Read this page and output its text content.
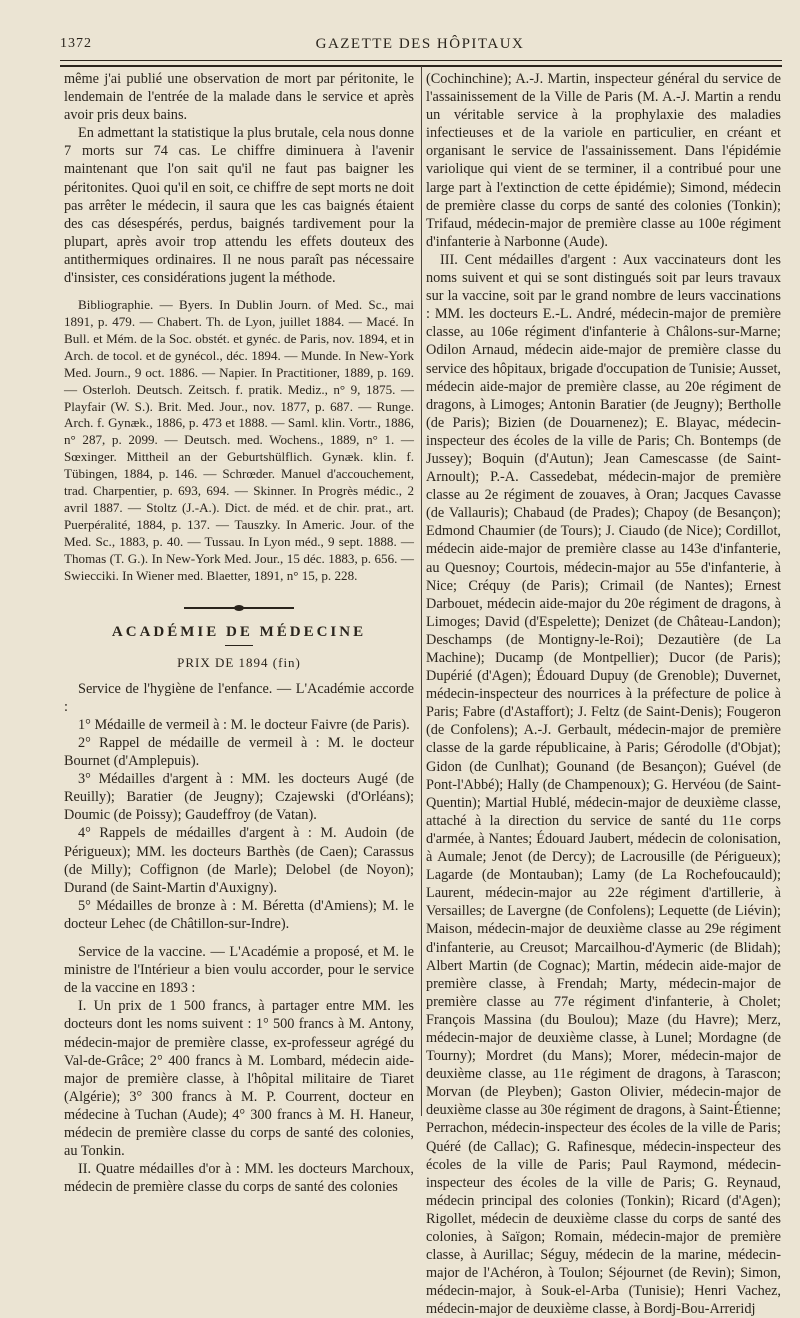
1372	GAZETTE DES HÔPITAUX

même j'ai publié une observation de mort par péritonite, le lendemain de l'entrée de la malade dans le service et après avoir pris deux bains.

En admettant la statistique la plus brutale, cela nous donne 7 morts sur 74 cas. Le chiffre diminuera à l'avenir maintenant que l'on sait qu'il ne faut pas baigner les péritonites. Quoi qu'il en soit, ce chiffre de sept morts ne doit pas arrêter le médecin, il saura que les cas baignés étaient des cas désespérés, perdus, baignés tardivement pour la plupart, après avoir trop attendu les effets douteux des antithermiques ordinaires. Il ne nous paraît pas nécessaire d'insister, ces considérations jugent la méthode.

Bibliographie. — Byers. In Dublin Journ. of Med. Sc., mai 1891, p. 479. — Chabert. Th. de Lyon, juillet 1884. — Macé. In Bull. et Mém. de la Soc. obstét. et gynéc. de Paris, nov. 1894, et in Arch. de tocol. et de gynécol., déc. 1894. — Munde. In New-York Med. Journ., 9 oct. 1886. — Napier. In Practitioner, 1889, p. 169. — Osterloh. Deutsch. Zeitsch. f. pratik. Mediz., n° 9, 1875. — Playfair (W. S.). Brit. Med. Jour., nov. 1877, p. 687. — Runge. Arch. f. Gynæk., 1886, p. 473 et 1888. — Saml. klin. Vortr., 1886, n° 287, p. 2099. — Deutsch. med. Wochens., 1889, n° 1. — Sœxinger. Mittheil an der Geburtshülflich. Gynæk. klin. f. Tübingen, 1884, p. 146. — Schrœder. Manuel d'accouchement, trad. Charpentier, p. 693, 694. — Skinner. In Progrès médic., 2 avril 1887. — Stoltz (J.-A.). Dict. de méd. et de chir. prat., art. Puerpéralité, 1884, p. 137. — Tauszky. In Americ. Jour. of the Med. Sc., 1883, p. 40. — Tussau. In Lyon méd., 9 sept. 1888. — Thomas (T. G.). In New-York Med. Jour., 15 déc. 1883, p. 656. — Swiecciki. In Wiener med. Blaetter, 1891, n° 15, p. 228.

ACADÉMIE DE MÉDECINE
PRIX DE 1894 (fin)

Service de l'hygiène de l'enfance. — L'Académie accorde :

1° Médaille de vermeil à : M. le docteur Faivre (de Paris).

2° Rappel de médaille de vermeil à : M. le docteur Bournet (d'Amplepuis).

3° Médailles d'argent à : MM. les docteurs Augé (de Reuilly); Baratier (de Jeugny); Czajewski (d'Orléans); Doumic (de Poissy); Gaudeffroy (de Vatan).

4° Rappels de médailles d'argent à : M. Audoin (de Périgueux); MM. les docteurs Barthès (de Caen); Carassus (de Milly); Coffignon (de Marle); Delobel (de Noyon); Durand (de Saint-Martin d'Auxigny).

5° Médailles de bronze à : M. Béretta (d'Amiens); M. le docteur Lehec (de Châtillon-sur-Indre).

Service de la vaccine. — L'Académie a proposé, et M. le ministre de l'Intérieur a bien voulu accorder, pour le service de la vaccine en 1893 :

I. Un prix de 1 500 francs, à partager entre MM. les docteurs dont les noms suivent : 1° 500 francs à M. Antony, médecin-major de première classe, ex-professeur agrégé du Val-de-Grâce; 2° 400 francs à M. Lombard, médecin aide-major de première classe, à l'hôpital militaire de Tiaret (Algérie); 3° 300 francs à M. P. Courrent, docteur en médecine à Tuchan (Aude); 4° 300 francs à M. H. Haneur, médecin de première classe du corps de santé des colonies, au Tonkin.

II. Quatre médailles d'or à : MM. les docteurs Marchoux, médecin de première classe du corps de santé des colonies

(Cochinchine); A.-J. Martin, inspecteur général du service de l'assainissement de la Ville de Paris (M. A.-J. Martin a rendu un véritable service à la prophylaxie des maladies infectieuses et de la variole en particulier, en créant et organisant le service de l'assainissement. Dans l'épidémie variolique qui vient de se terminer, il a contribué pour une large part à l'extinction de cette épidémie); Simond, médecin de première classe du corps de santé des colonies (Tonkin); Trifaud, médecin-major de première classe au 100e régiment d'infanterie à Narbonne (Aude).

III. Cent médailles d'argent : Aux vaccinateurs dont les noms suivent et qui se sont distingués soit par leurs travaux sur la vaccine, soit par le grand nombre de leurs vaccinations : MM. les docteurs E.-L. André, médecin-major de première classe, au 106e régiment d'infanterie à Châlons-sur-Marne; Odilon Arnaud, médecin aide-major de première classe du service des hôpitaux, brigade d'occupation de Tunisie; Ausset, médecin aide-major de première classe, au 20e régiment de dragons, à Limoges; Antonin Baratier (de Jeugny); Bertholle (de Paris); Bizien (de Douarnenez); E. Blayac, médecin-inspecteur des écoles de la ville de Paris; Ch. Bontemps (de Jussey); Boquin (d'Autun); Jean Camescasse (de Saint-Arnoult); P.-A. Cassedebat, médecin-major de première classe au 2e régiment de zouaves, à Oran; Jacques Cavasse (de Vallauris); Chabaud (de Prades); Chapoy (de Besançon); Edmond Chaumier (de Tours); J. Ciaudo (de Nice); Cordillot, médecin aide-major de première classe au 143e d'infanterie, au Quesnoy; Courtois, médecin-major au 55e d'infanterie, à Nice; Créquy (de Paris); Crimail (de Nantes); Ernest Darbouet, médecin aide-major du 20e régiment de dragons, à Limoges; David (d'Espelette); Denizet (de Château-Landon); Deschamps (de Montigny-le-Roi); Dezautière (de La Machine); Ducamp (de Montpellier); Ducor (de Paris); Dupérié (d'Agen); Édouard Dupuy (de Grenoble); Duvernet, médecin-inspecteur des nourrices à la préfecture de police à Paris; Fabre (d'Astaffort); J. Feltz (de Saint-Denis); Fougeron (de Confolens); A.-J. Gerbault, médecin-major de première classe de la garde républicaine, à Paris; Gérodolle (d'Objat); Gidon (de Cunlhat); Gounand (de Besançon); Guével (de Pont-l'Abbé); Hally (de Champenoux); G. Hervéou (de Saint-Quentin); Martial Hublé, médecin-major de deuxième classe, attaché à la direction du service de santé du 11e corps d'armée, à Nantes; Édouard Jaubert, médecin de colonisation, à Aumale; Jenot (de Dercy); de Lacrousille (de Périgueux); Lagarde (de Montauban); Lamy (de La Rochefoucauld); Laurent, médecin-major au 22e régiment d'artillerie, à Versailles; de Lavergne (de Confolens); Lequette (de Liévin); Maison, médecin-major de deuxième classe au 29e régiment d'infanterie, au Creusot; Marcailhou-d'Aymeric (de Blidah); Albert Martin (de Cognac); Martin, médecin aide-major de première classe, à Frendah; Marty, médecin-major de première classe au 77e régiment d'infanterie, à Cholet; François Massina (du Boulou); Maze (du Havre); Merz, médecin-major de deuxième classe, à Lunel; Mordagne (de Tourny); Mordret (du Mans); Morer, médecin-major de deuxième classe, au 11e régiment de dragons, à Tarascon; Morvan (de Pleyben); Gaston Olivier, médecin-major de deuxième classe au 30e régiment de dragons, à Saint-Étienne; Perrachon, médecin-inspecteur des écoles de la ville de Paris; Quéré (de Callac); G. Rafinesque, médecin-inspecteur des écoles de la ville de Paris; Paul Raymond, médecin-inspecteur des écoles de la ville de Paris; G. Reynaud, médecin principal des colonies (Tonkin); Ricard (d'Agen); Rigollet, médecin de deuxième classe du corps de santé des colonies, à Saïgon; Romain, médecin-major de première classe, à Aurillac; Séguy, médecin de la marine, médecin-major de l'Achéron, à Toulon; Séjournet (de Revin); Simon, médecin-major, à Souk-el-Arba (Tunisie); Henri Vachez, médecin-major de deuxième classe, à Bordj-Bou-Arreridj
